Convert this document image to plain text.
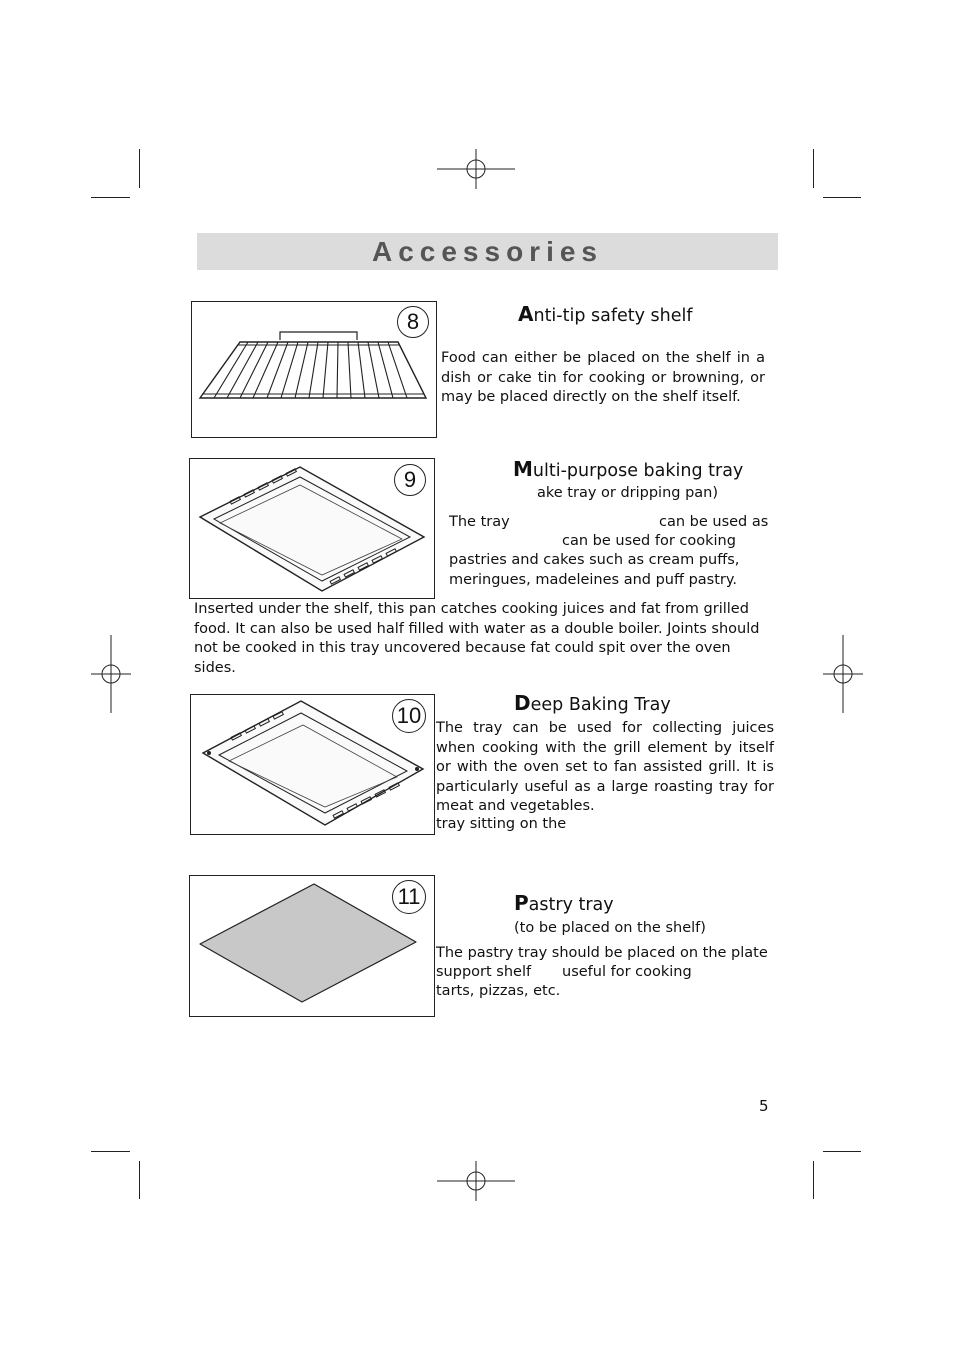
Accessories
8	Anti-tip safety shelf
Food can either be placed on the shelf in a dish or cake tin for cooking or browning, or may be placed directly on the shelf itself.
9	Multi-purpose baking tray
ake tray or dripping pan)
The tray	can be used as
can be used for cooking
pastries and cakes such as cream puffs,
meringues, madeleines and puff pastry.
Inserted under the shelf, this pan catches cooking juices and fat from grilled food. It can also be used half filled with water as a double boiler. Joints should not be cooked in this tray uncovered because fat could spit over the oven sides.
10	Deep Baking Tray
The tray can be used for collecting juices when cooking with the grill element by itself or with the oven set to fan assisted grill. It is particularly useful as a large roasting tray for meat and vegetables.
tray sitting on the
11	Pastry tray
(to be placed on the shelf)
The pastry tray should be placed on the plate
support shelf useful for cooking
tarts, pizzas, etc.
5
